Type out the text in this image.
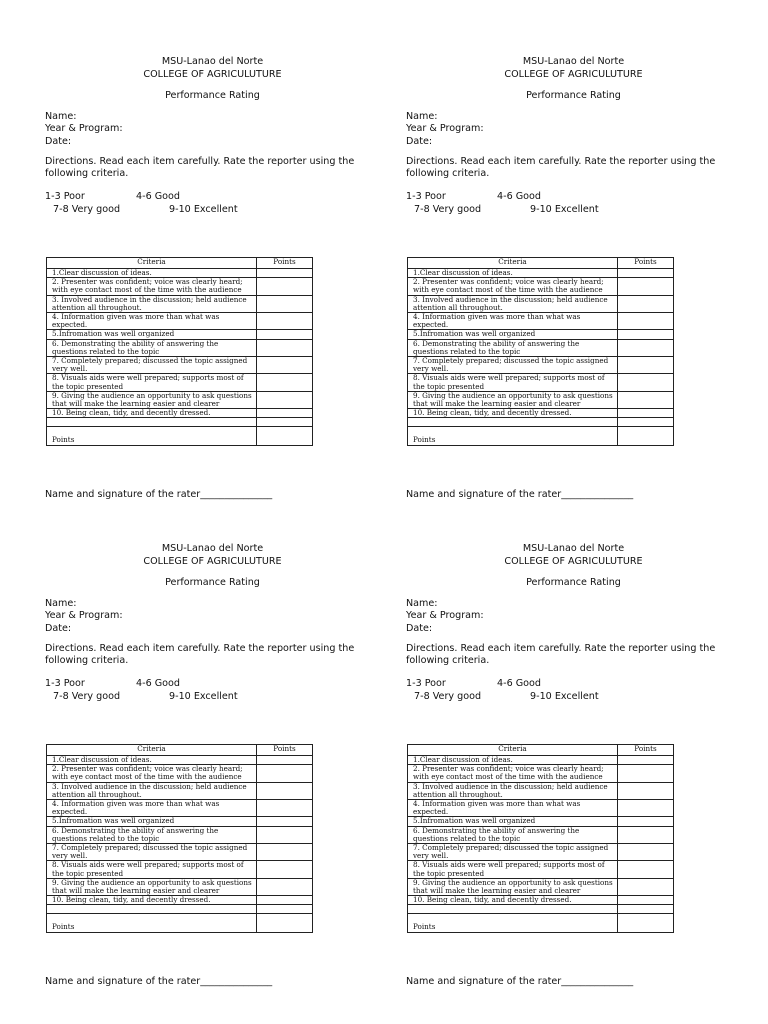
MSU-Lanao del Norte
COLLEGE OF AGRICULUTURE
Performance Rating
Name:
Year & Program:
Date:
Directions. Read each item carefully. Rate the reporter using the
following criteria.
1-3 Poor	4-6 Good
7-8 Very good	9-10 Excellent
Criteria	Points
1.Clear discussion of ideas.	
2. Presenter was confident; voice was clearly heard; with eye contact most of the time with the audience	
3. Involved audience in the discussion; held audience attention all throughout.	
4. Information given was more than what was expected.	
5.Infromation was well organized	
6. Demonstrating the ability of answering the questions related to the topic	
7. Completely prepared; discussed the topic assigned very well.	
8. Visuals aids were well prepared; supports most of the topic presented	
9. Giving the audience an opportunity to ask questions that will make the learning easier and clearer	
10. Being clean, tidy, and decently dressed.	

Points	
Name and signature of the rater_______________
MSU-Lanao del Norte
COLLEGE OF AGRICULUTURE
Performance Rating
Name:
Year & Program:
Date:
Directions. Read each item carefully. Rate the reporter using the
following criteria.
1-3 Poor	4-6 Good
7-8 Very good	9-10 Excellent
Criteria	Points
1.Clear discussion of ideas.	
2. Presenter was confident; voice was clearly heard; with eye contact most of the time with the audience	
3. Involved audience in the discussion; held audience attention all throughout.	
4. Information given was more than what was expected.	
5.Infromation was well organized	
6. Demonstrating the ability of answering the questions related to the topic	
7. Completely prepared; discussed the topic assigned very well.	
8. Visuals aids were well prepared; supports most of the topic presented	
9. Giving the audience an opportunity to ask questions that will make the learning easier and clearer	
10. Being clean, tidy, and decently dressed.	

Points	
Name and signature of the rater_______________
MSU-Lanao del Norte
COLLEGE OF AGRICULUTURE
Performance Rating
Name:
Year & Program:
Date:
Directions. Read each item carefully. Rate the reporter using the
following criteria.
1-3 Poor	4-6 Good
7-8 Very good	9-10 Excellent
Criteria	Points
1.Clear discussion of ideas.	
2. Presenter was confident; voice was clearly heard; with eye contact most of the time with the audience	
3. Involved audience in the discussion; held audience attention all throughout.	
4. Information given was more than what was expected.	
5.Infromation was well organized	
6. Demonstrating the ability of answering the questions related to the topic	
7. Completely prepared; discussed the topic assigned very well.	
8. Visuals aids were well prepared; supports most of the topic presented	
9. Giving the audience an opportunity to ask questions that will make the learning easier and clearer	
10. Being clean, tidy, and decently dressed.	

Points	
Name and signature of the rater_______________
MSU-Lanao del Norte
COLLEGE OF AGRICULUTURE
Performance Rating
Name:
Year & Program:
Date:
Directions. Read each item carefully. Rate the reporter using the
following criteria.
1-3 Poor	4-6 Good
7-8 Very good	9-10 Excellent
Criteria	Points
1.Clear discussion of ideas.	
2. Presenter was confident; voice was clearly heard; with eye contact most of the time with the audience	
3. Involved audience in the discussion; held audience attention all throughout.	
4. Information given was more than what was expected.	
5.Infromation was well organized	
6. Demonstrating the ability of answering the questions related to the topic	
7. Completely prepared; discussed the topic assigned very well.	
8. Visuals aids were well prepared; supports most of the topic presented	
9. Giving the audience an opportunity to ask questions that will make the learning easier and clearer	
10. Being clean, tidy, and decently dressed.	

Points	
Name and signature of the rater_______________
